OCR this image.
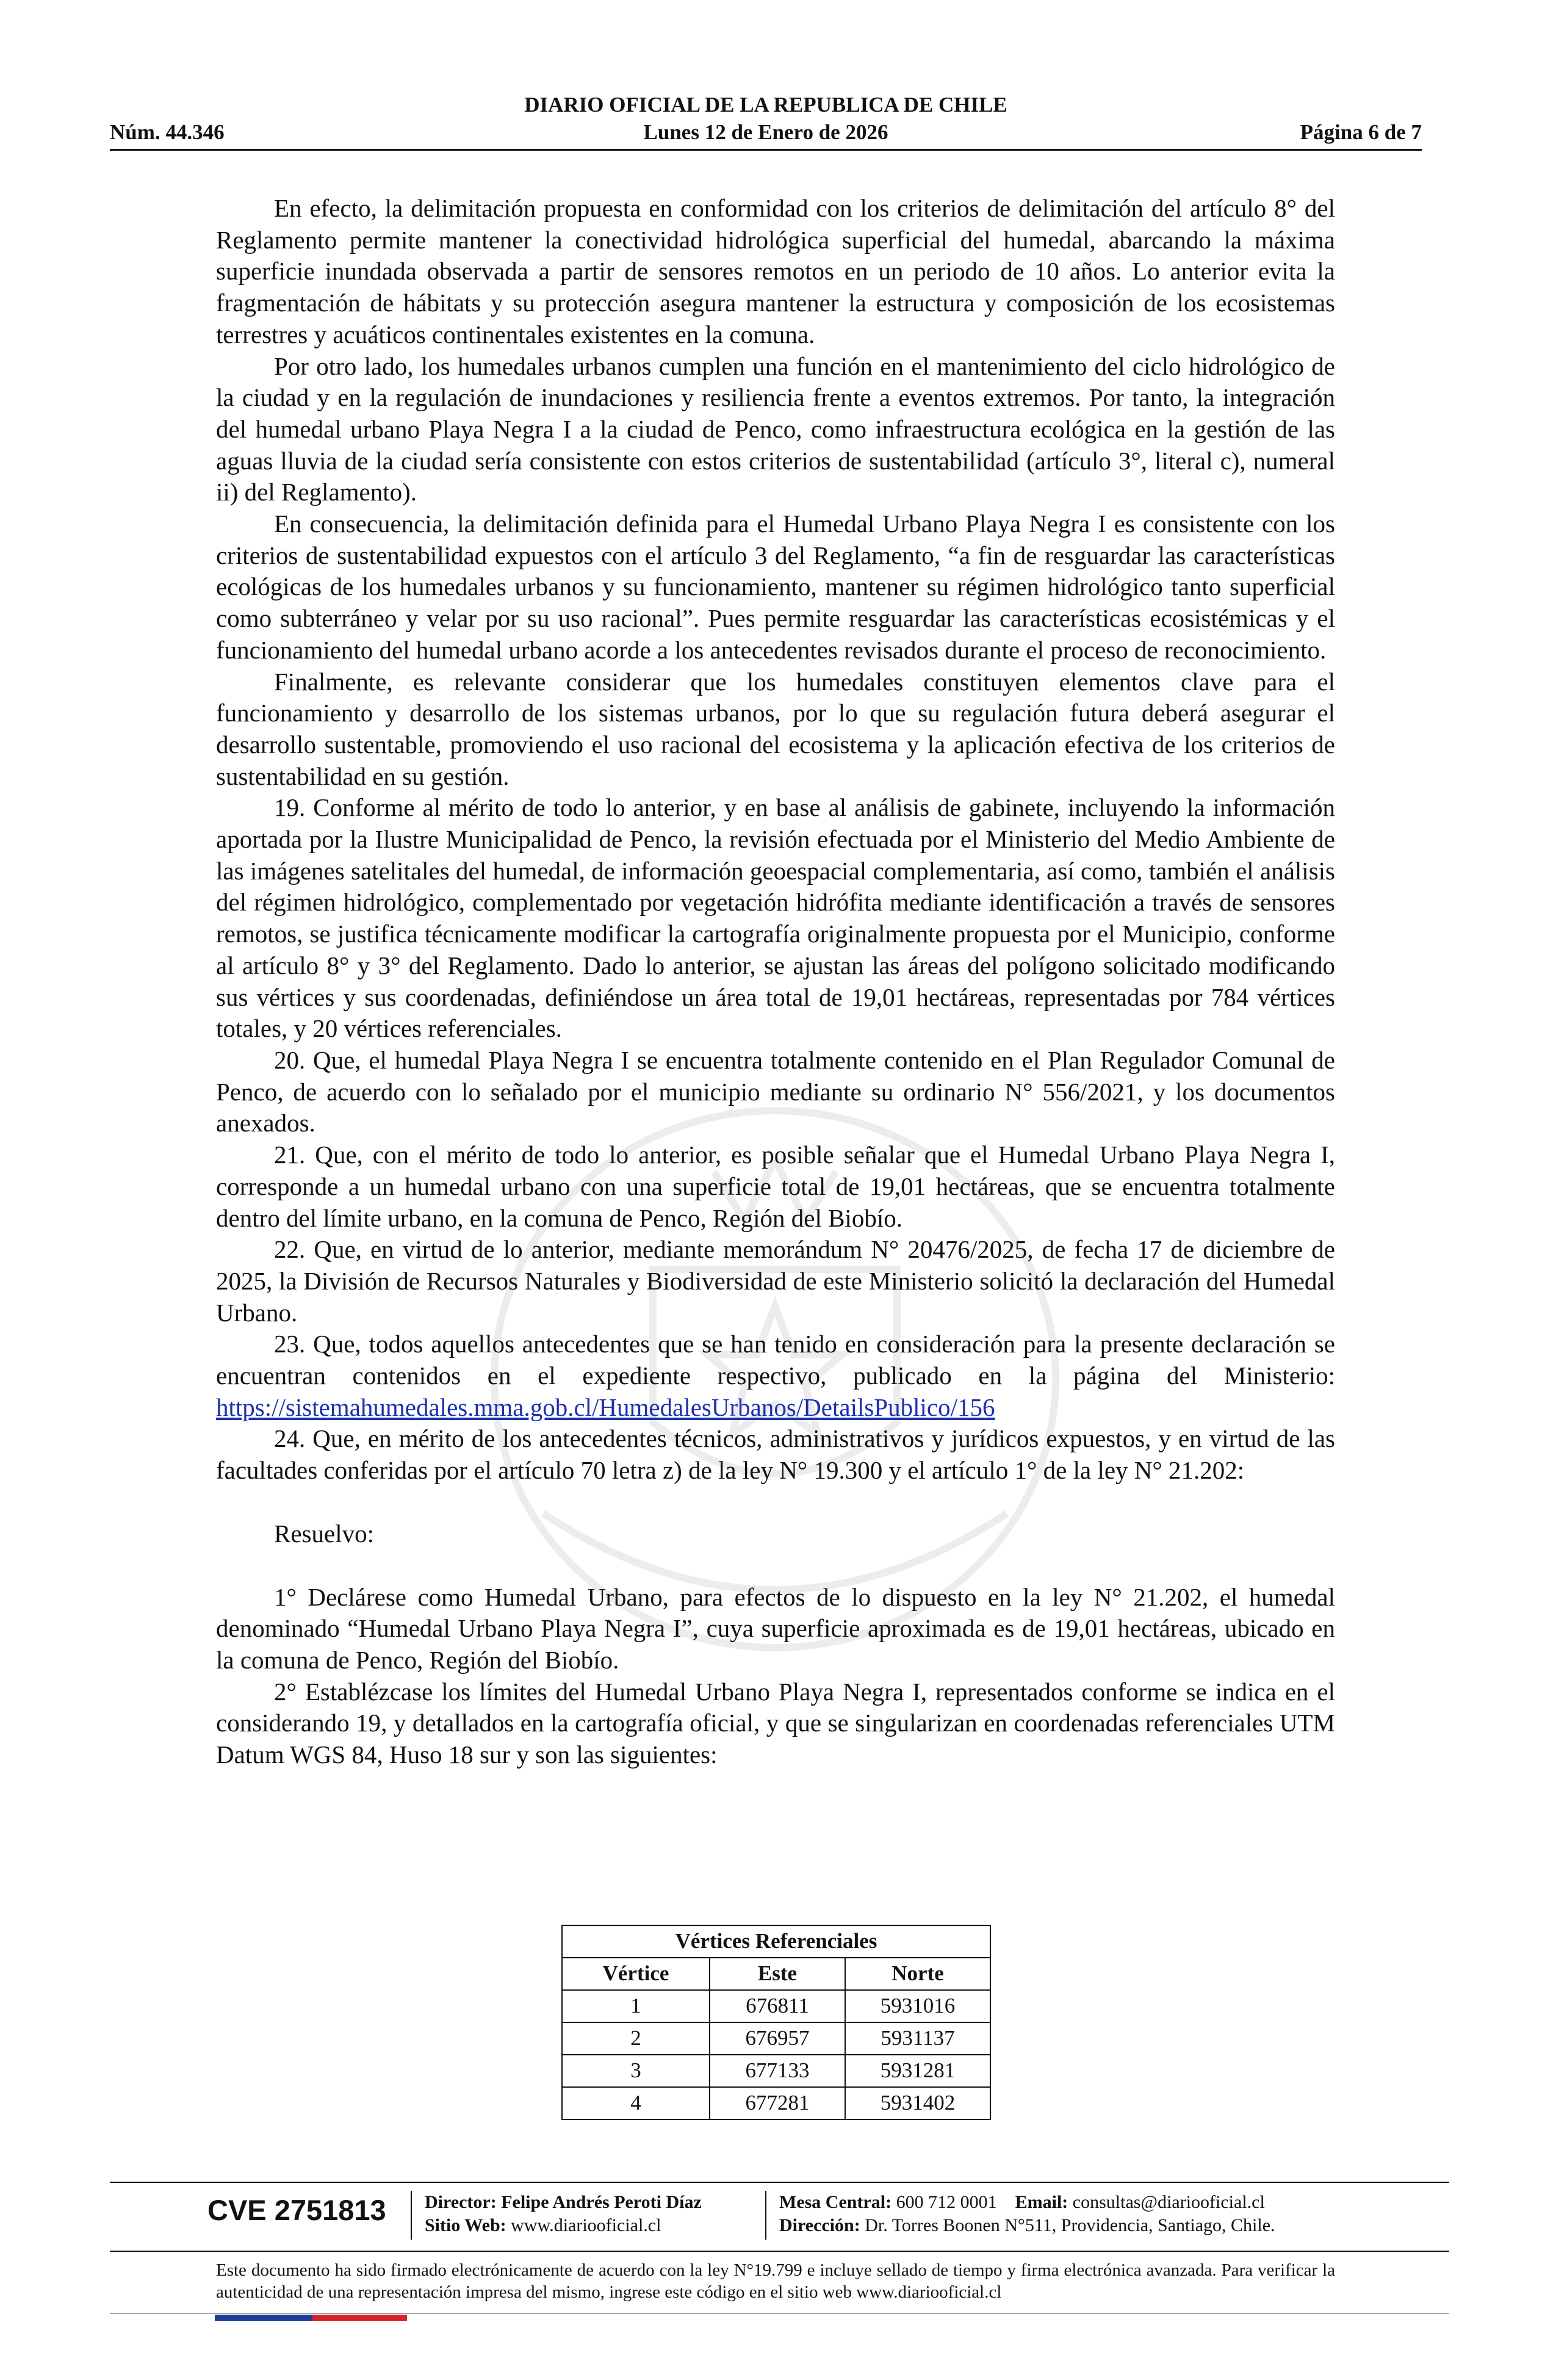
DIARIO OFICIAL DE LA REPUBLICA DE CHILE
Núm. 44.346	Lunes 12 de Enero de 2026	Página 6 de 7

En efecto, la delimitación propuesta en conformidad con los criterios de delimitación del artículo 8° del Reglamento permite mantener la conectividad hidrológica superficial del humedal, abarcando la máxima superficie inundada observada a partir de sensores remotos en un periodo de 10 años. Lo anterior evita la fragmentación de hábitats y su protección asegura mantener la estructura y composición de los ecosistemas terrestres y acuáticos continentales existentes en la comuna.

Por otro lado, los humedales urbanos cumplen una función en el mantenimiento del ciclo hidrológico de la ciudad y en la regulación de inundaciones y resiliencia frente a eventos extremos. Por tanto, la integración del humedal urbano Playa Negra I a la ciudad de Penco, como infraestructura ecológica en la gestión de las aguas lluvia de la ciudad sería consistente con estos criterios de sustentabilidad (artículo 3°, literal c), numeral ii) del Reglamento).

En consecuencia, la delimitación definida para el Humedal Urbano Playa Negra I es consistente con los criterios de sustentabilidad expuestos con el artículo 3 del Reglamento, “a fin de resguardar las características ecológicas de los humedales urbanos y su funcionamiento, mantener su régimen hidrológico tanto superficial como subterráneo y velar por su uso racional”. Pues permite resguardar las características ecosistémicas y el funcionamiento del humedal urbano acorde a los antecedentes revisados durante el proceso de reconocimiento.

Finalmente, es relevante considerar que los humedales constituyen elementos clave para el funcionamiento y desarrollo de los sistemas urbanos, por lo que su regulación futura deberá asegurar el desarrollo sustentable, promoviendo el uso racional del ecosistema y la aplicación efectiva de los criterios de sustentabilidad en su gestión.

19. Conforme al mérito de todo lo anterior, y en base al análisis de gabinete, incluyendo la información aportada por la Ilustre Municipalidad de Penco, la revisión efectuada por el Ministerio del Medio Ambiente de las imágenes satelitales del humedal, de información geoespacial complementaria, así como, también el análisis del régimen hidrológico, complementado por vegetación hidrófita mediante identificación a través de sensores remotos, se justifica técnicamente modificar la cartografía originalmente propuesta por el Municipio, conforme al artículo 8° y 3° del Reglamento. Dado lo anterior, se ajustan las áreas del polígono solicitado modificando sus vértices y sus coordenadas, definiéndose un área total de 19,01 hectáreas, representadas por 784 vértices totales, y 20 vértices referenciales.

20. Que, el humedal Playa Negra I se encuentra totalmente contenido en el Plan Regulador Comunal de Penco, de acuerdo con lo señalado por el municipio mediante su ordinario N° 556/2021, y los documentos anexados.

21. Que, con el mérito de todo lo anterior, es posible señalar que el Humedal Urbano Playa Negra I, corresponde a un humedal urbano con una superficie total de 19,01 hectáreas, que se encuentra totalmente dentro del límite urbano, en la comuna de Penco, Región del Biobío.

22. Que, en virtud de lo anterior, mediante memorándum N° 20476/2025, de fecha 17 de diciembre de 2025, la División de Recursos Naturales y Biodiversidad de este Ministerio solicitó la declaración del Humedal Urbano.

23. Que, todos aquellos antecedentes que se han tenido en consideración para la presente declaración se encuentran contenidos en el expediente respectivo, publicado en la página del Ministerio: https://sistemahumedales.mma.gob.cl/HumedalesUrbanos/DetailsPublico/156

24. Que, en mérito de los antecedentes técnicos, administrativos y jurídicos expuestos, y en virtud de las facultades conferidas por el artículo 70 letra z) de la ley N° 19.300 y el artículo 1° de la ley N° 21.202:

Resuelvo:

1° Declárese como Humedal Urbano, para efectos de lo dispuesto en la ley N° 21.202, el humedal denominado “Humedal Urbano Playa Negra I”, cuya superficie aproximada es de 19,01 hectáreas, ubicado en la comuna de Penco, Región del Biobío.

2° Establézcase los límites del Humedal Urbano Playa Negra I, representados conforme se indica en el considerando 19, y detallados en la cartografía oficial, y que se singularizan en coordenadas referenciales UTM Datum WGS 84, Huso 18 sur y son las siguientes:

Vértices Referenciales		
Vértice	Este	Norte
1	676811	5931016
2	676957	5931137
3	677133	5931281
4	677281	5931402
CVE 2751813 Director: Felipe Andrés Peroti Díaz
Sitio Web: www.diariooficial.cl
Mesa Central: 600 712 0001 Email: consultas@diariooficial.cl
Dirección: Dr. Torres Boonen N°511, Providencia, Santiago, Chile.
Este documento ha sido firmado electrónicamente de acuerdo con la ley N°19.799 e incluye sellado de tiempo y firma electrónica avanzada. Para verificar la autenticidad de una representación impresa del mismo, ingrese este código en el sitio web www.diariooficial.cl
